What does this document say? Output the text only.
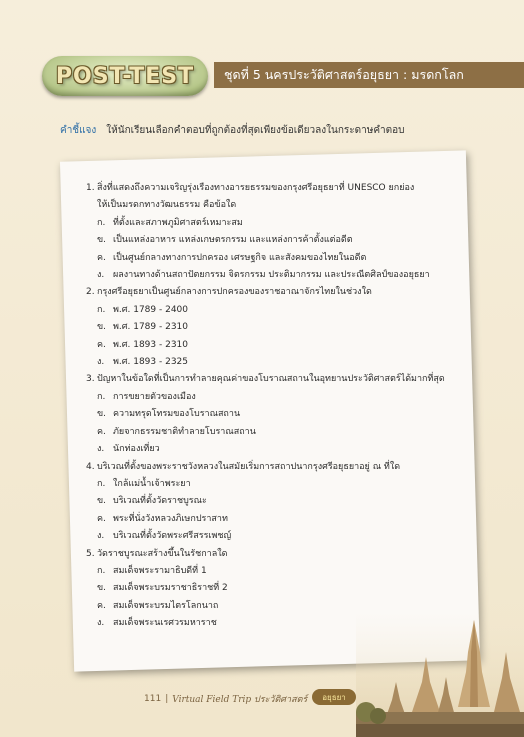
POST-TEST ชุดที่ 5 นครประวัติศาสตร์อยุธยา : มรดกโลก
คำชี้แจง ให้นักเรียนเลือกคำตอบที่ถูกต้องที่สุดเพียงข้อเดียวลงในกระดาษคำตอบ
1. สิ่งที่แสดงถึงความเจริญรุ่งเรืองทางอารยธรรมของกรุงศรีอยุธยาที่ UNESCO ยกย่อง
ให้เป็นมรดกทางวัฒนธรรม คือข้อใด
ก. ที่ตั้งและสภาพภูมิศาสตร์เหมาะสม
ข. เป็นแหล่งอาหาร แหล่งเกษตรกรรม และแหล่งการค้าตั้งแต่อดีต
ค. เป็นศูนย์กลางทางการปกครอง เศรษฐกิจ และสังคมของไทยในอดีต
ง. ผลงานทางด้านสถาปัตยกรรม จิตรกรรม ประติมากรรม และประณีตศิลป์ของอยุธยา
2. กรุงศรีอยุธยาเป็นศูนย์กลางการปกครองของราชอาณาจักรไทยในช่วงใด
ก. พ.ศ. 1789 - 2400
ข. พ.ศ. 1789 - 2310
ค. พ.ศ. 1893 - 2310
ง. พ.ศ. 1893 - 2325
3. ปัญหาในข้อใดที่เป็นการทำลายคุณค่าของโบราณสถานในอุทยานประวัติศาสตร์ได้มากที่สุด
ก. การขยายตัวของเมือง
ข. ความทรุดโทรมของโบราณสถาน
ค. ภัยจากธรรมชาติทำลายโบราณสถาน
ง. นักท่องเที่ยว
4. บริเวณที่ตั้งของพระราชวังหลวงในสมัยเริ่มการสถาปนากรุงศรีอยุธยาอยู่ ณ ที่ใด
ก. ใกล้แม่น้ำเจ้าพระยา
ข. บริเวณที่ตั้งวัดราชบูรณะ
ค. พระที่นั่งวังหลวงภิเษกปราสาท
ง. บริเวณที่ตั้งวัดพระศรีสรรเพชญ์
5. วัดราชบูรณะสร้างขึ้นในรัชกาลใด
ก. สมเด็จพระรามาธิบดีที่ 1
ข. สมเด็จพระบรมราชาธิราชที่ 2
ค. สมเด็จพระบรมไตรโลกนาถ
ง. สมเด็จพระนเรศวรมหาราช
111 | Virtual Field Trip ประวัติศาสตร์ อยุธยา
